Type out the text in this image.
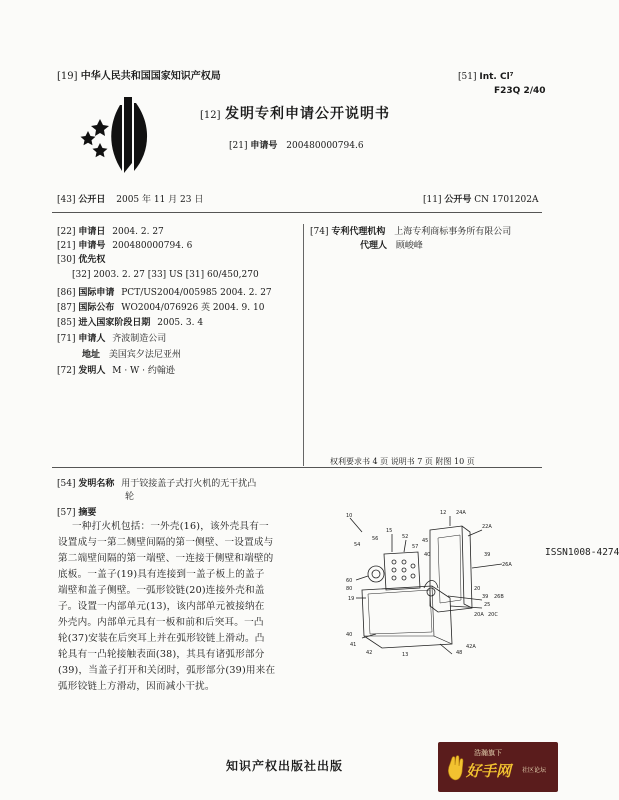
[19] 中华人民共和国国家知识产权局	[51] Int. Cl⁷
F23Q 2/40
[12] 发明专利申请公开说明书
[21] 申请号 200480000794.6
[43] 公开日 2005 年 11 月 23 日	[11] 公开号 CN 1701202A
[22] 申请日 2004. 2. 27
[21] 申请号 200480000794. 6
[30] 优先权
[32] 2003. 2. 27 [33] US [31] 60/450,270
[86] 国际申请 PCT/US2004/005985 2004. 2. 27
[87] 国际公布 WO2004/076926 英 2004. 9. 10
[85] 进入国家阶段日期 2005. 3. 4
[71] 申请人 齐波制造公司
地址 美国宾夕法尼亚州
[72] 发明人 M · W · 约翰逊
[74] 专利代理机构 上海专利商标事务所有限公司
代理人 顾峻峰
权利要求书 4 页 说明书 7 页 附图 10 页
[54] 发明名称 用于铰接盖子式打火机的无干扰凸
轮
[57] 摘要
一种打火机包括：一外壳(16)，该外壳具有一
设置成与一第二侧壁间隔的第一侧壁、一设置成与
第二端壁间隔的第一端壁、一连接于侧壁和端壁的
底板。一盖子(19)具有连接到一盖子板上的盖子
端壁和盖子侧壁。一弧形铰链(20)连接外壳和盖
子。设置一内部单元(13)，该内部单元被接纳在
外壳内。内部单元具有一板和前和后突耳。一凸
轮(37)安装在后突耳上并在弧形铰链上滑动。凸
轮具有一凸轮接触表面(38)，其具有诸弧形部分
(39)，当盖子打开和关闭时，弧形部分(39)用来在
弧形铰链上方滑动，因而减小干扰。
10	12 24A
22A
54
56
15
52
57
45
40	39
26A
60
80
19
20
39 26B
25
20A 20C
40
41
42	13	48
42A
ISSN1008-4274
知识产权出版社出版
浩瀚旗下
好手网 社区论坛
